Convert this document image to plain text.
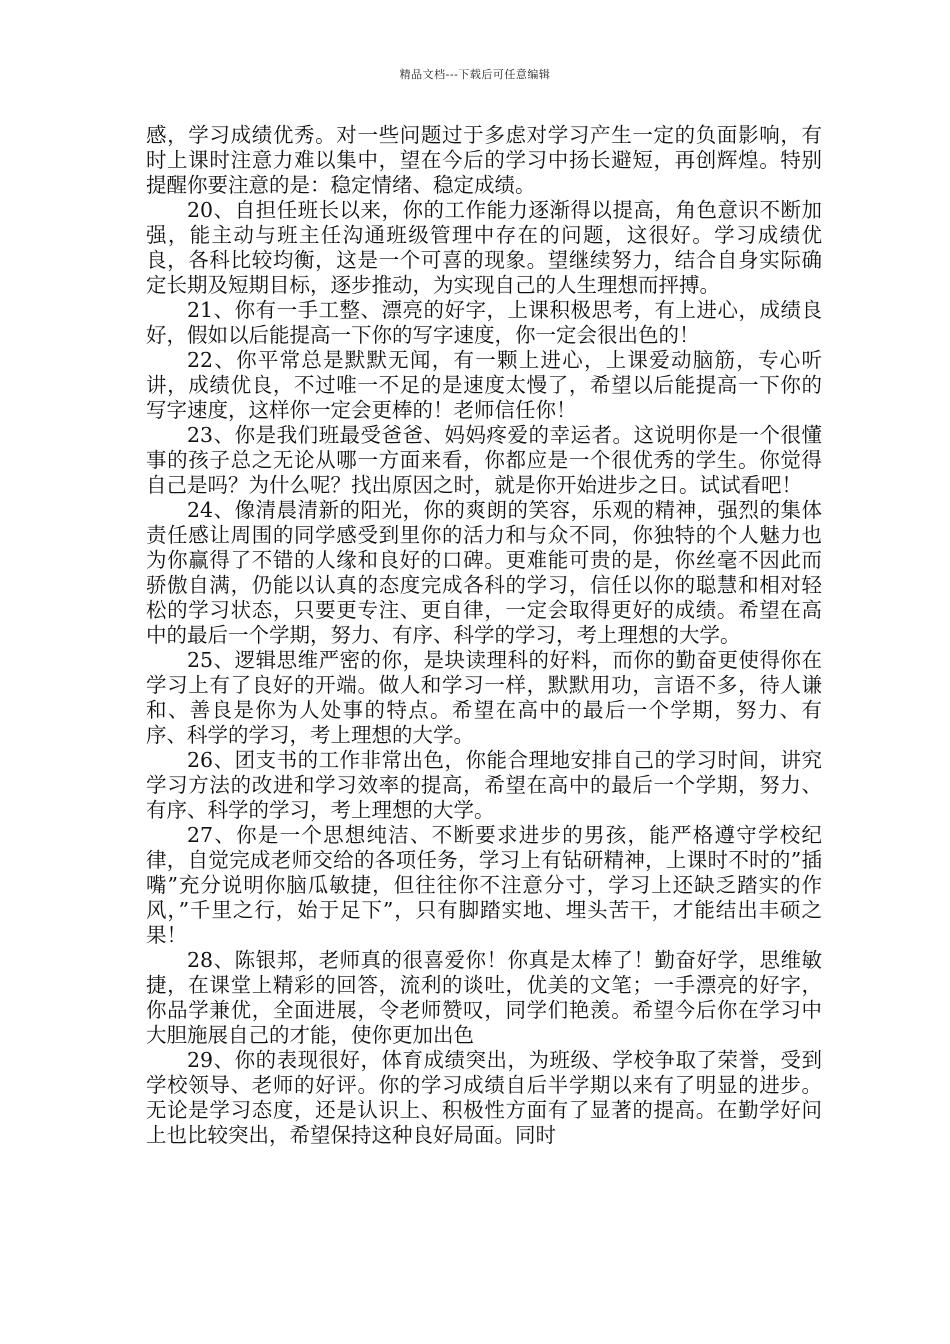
精品文档---下载后可任意编辑

感，学习成绩优秀。对一些问题过于多虑对学习产生一定的负面影响，有时上课时注意力难以集中，望在今后的学习中扬长避短，再创辉煌。特别提醒你要注意的是：稳定情绪、稳定成绩。

20、自担任班长以来，你的工作能力逐渐得以提高，角色意识不断加强，能主动与班主任沟通班级管理中存在的问题，这很好。学习成绩优良，各科比较均衡，这是一个可喜的现象。望继续努力，结合自身实际确定长期及短期目标，逐步推动，为实现自己的人生理想而抨搏。

21、你有一手工整、漂亮的好字，上课积极思考，有上进心，成绩良好，假如以后能提高一下你的写字速度，你一定会很出色的！

22、你平常总是默默无闻，有一颗上进心，上课爱动脑筋，专心听讲，成绩优良，不过唯一不足的是速度太慢了，希望以后能提高一下你的写字速度，这样你一定会更棒的！老师信任你！

23、你是我们班最受爸爸、妈妈疼爱的幸运者。这说明你是一个很懂事的孩子总之无论从哪一方面来看，你都应是一个很优秀的学生。你觉得自己是吗？为什么呢？找出原因之时，就是你开始进步之日。试试看吧！

24、像清晨清新的阳光，你的爽朗的笑容，乐观的精神，强烈的集体责任感让周围的同学感受到里你的活力和与众不同，你独特的个人魅力也为你赢得了不错的人缘和良好的口碑。更难能可贵的是，你丝毫不因此而骄傲自满，仍能以认真的态度完成各科的学习，信任以你的聪慧和相对轻松的学习状态，只要更专注、更自律，一定会取得更好的成绩。希望在高中的最后一个学期，努力、有序、科学的学习，考上理想的大学。

25、逻辑思维严密的你，是块读理科的好料，而你的勤奋更使得你在学习上有了良好的开端。做人和学习一样，默默用功，言语不多，待人谦和、善良是你为人处事的特点。希望在高中的最后一个学期，努力、有序、科学的学习，考上理想的大学。

26、团支书的工作非常出色，你能合理地安排自己的学习时间，讲究学习方法的改进和学习效率的提高，希望在高中的最后一个学期，努力、有序、科学的学习，考上理想的大学。

27、你是一个思想纯洁、不断要求进步的男孩，能严格遵守学校纪律，自觉完成老师交给的各项任务，学习上有钻研精神，上课时不时的”插嘴”充分说明你脑瓜敏捷，但往往你不注意分寸，学习上还缺乏踏实的作风，”千里之行，始于足下”，只有脚踏实地、埋头苦干，才能结出丰硕之果！

28、陈银邦，老师真的很喜爱你！你真是太棒了！勤奋好学，思维敏捷，在课堂上精彩的回答，流利的谈吐，优美的文笔；一手漂亮的好字，你品学兼优，全面进展，令老师赞叹，同学们艳羡。希望今后你在学习中大胆施展自己的才能，使你更加出色

29、你的表现很好，体育成绩突出，为班级、学校争取了荣誉，受到学校领导、老师的好评。你的学习成绩自后半学期以来有了明显的进步。无论是学习态度，还是认识上、积极性方面有了显著的提高。在勤学好问上也比较突出，希望保持这种良好局面。同时
